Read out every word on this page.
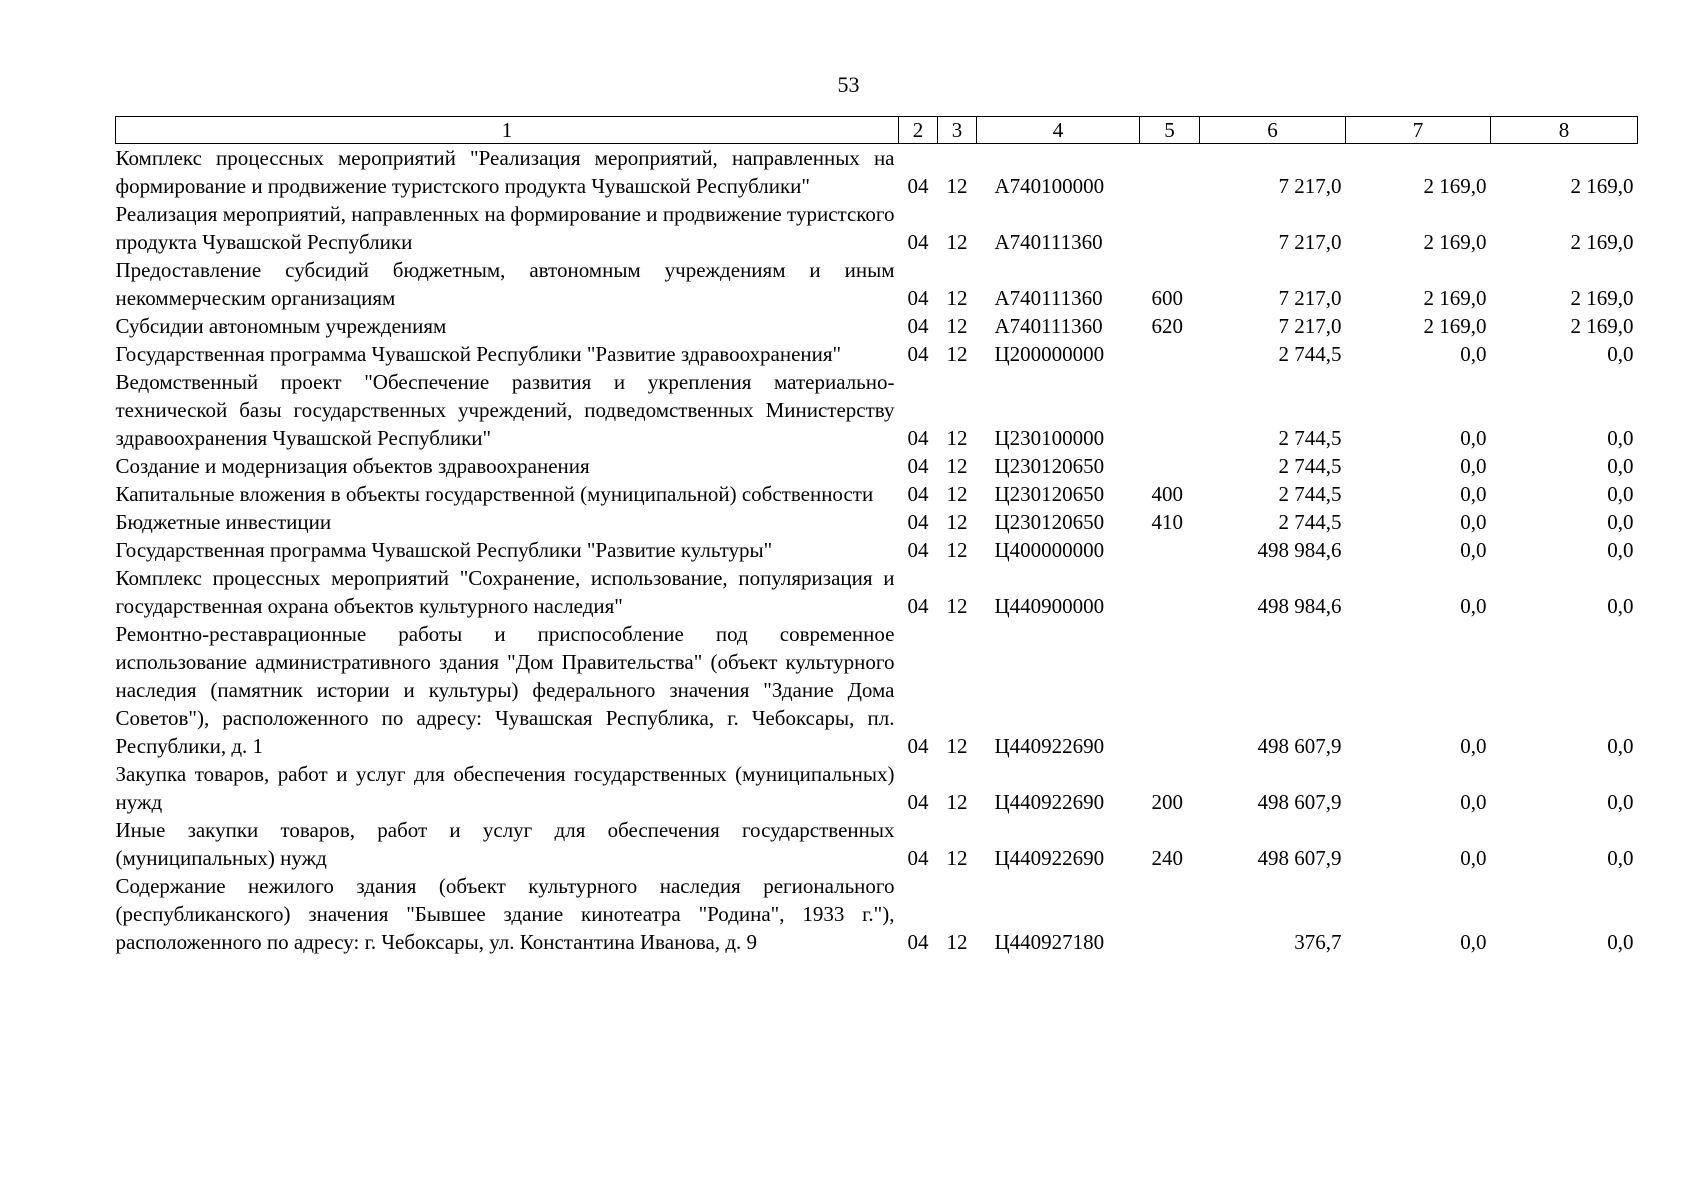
53
1	2	3	4	5	6	7	8

Комплекс процессных мероприятий "Реализация мероприятий, направленных на формирование и продвижение туристского продукта Чувашской Республики"	04	12	А740100000		7 217,0	2 169,0	2 169,0

Реализация мероприятий, направленных на формирование и продвижение туристского продукта Чувашской Республики	04	12	А740111360		7 217,0	2 169,0	2 169,0

Предоставление субсидий бюджетным, автономным учреждениям и иным некоммерческим организациям	04	12	А740111360	600	7 217,0	2 169,0	2 169,0

Субсидии автономным учреждениям	04	12	А740111360	620	7 217,0	2 169,0	2 169,0

Государственная программа Чувашской Республики "Развитие здравоохранения"	04	12	Ц200000000		2 744,5	0,0	0,0

Ведомственный проект "Обеспечение развития и укрепления материально-технической базы государственных учреждений, подведомственных Министерству здравоохранения Чувашской Республики"	04	12	Ц230100000		2 744,5	0,0	0,0

Создание и модернизация объектов здравоохранения	04	12	Ц230120650		2 744,5	0,0	0,0

Капитальные вложения в объекты государственной (муниципальной) собственности	04	12	Ц230120650	400	2 744,5	0,0	0,0

Бюджетные инвестиции	04	12	Ц230120650	410	2 744,5	0,0	0,0

Государственная программа Чувашской Республики "Развитие культуры"	04	12	Ц400000000		498 984,6	0,0	0,0

Комплекс процессных мероприятий "Сохранение, использование, популяризация и государственная охрана объектов культурного наследия"	04	12	Ц440900000		498 984,6	0,0	0,0

Ремонтно-реставрационные работы и приспособление под современное использование административного здания "Дом Правительства" (объект культурного наследия (памятник истории и культуры) федерального значения "Здание Дома Советов"), расположенного по адресу: Чувашская Республика, г. Чебоксары, пл. Республики, д. 1	04	12	Ц440922690		498 607,9	0,0	0,0

Закупка товаров, работ и услуг для обеспечения государственных (муниципальных) нужд	04	12	Ц440922690	200	498 607,9	0,0	0,0

Иные закупки товаров, работ и услуг для обеспечения государственных (муниципальных) нужд	04	12	Ц440922690	240	498 607,9	0,0	0,0

Содержание нежилого здания (объект культурного наследия регионального (республиканского) значения "Бывшее здание кинотеатра "Родина", 1933 г."), расположенного по адресу: г. Чебоксары, ул. Константина Иванова, д. 9	04	12	Ц440927180		376,7	0,0	0,0
